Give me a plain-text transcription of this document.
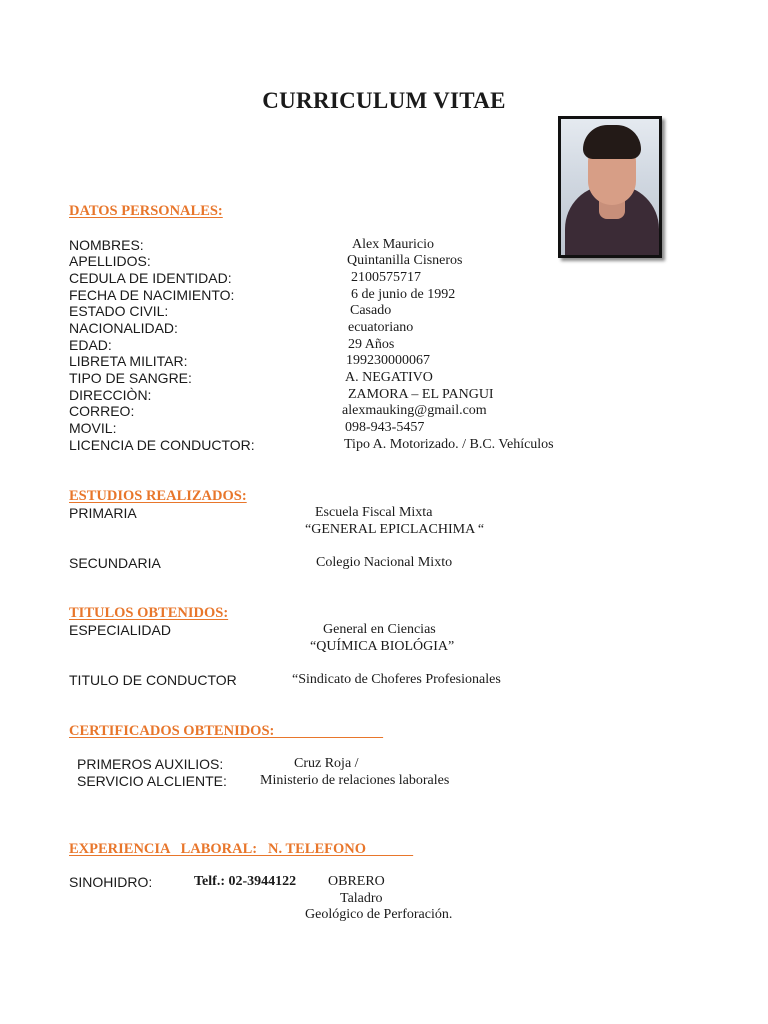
CURRICULUM VITAE
DATOS PERSONALES:
NOMBRES:	Alex Mauricio
APELLIDOS:	Quintanilla Cisneros
CEDULA DE IDENTIDAD:	2100575717
FECHA DE NACIMIENTO:	6 de junio de 1992
ESTADO CIVIL:	Casado
NACIONALIDAD:	ecuatoriano
EDAD:	29 Años
LIBRETA MILITAR:	199230000067
TIPO DE SANGRE:	A. NEGATIVO
DIRECCIÒN:	ZAMORA – EL PANGUI
CORREO:	alexmauking@gmail.com
MOVIL:	098-943-5457
LICENCIA DE CONDUCTOR:	Tipo A. Motorizado. / B.C. Vehículos
ESTUDIOS REALIZADOS:
PRIMARIA	Escuela Fiscal Mixta
“GENERAL EPICLACHIMA “
SECUNDARIA	Colegio Nacional Mixto
TITULOS OBTENIDOS:
ESPECIALIDAD	General en Ciencias
“QUÍMICA BIOLÓGIA”
TITULO DE CONDUCTOR	“Sindicato de Choferes Profesionales
CERTIFICADOS OBTENIDOS:
PRIMEROS AUXILIOS:	Cruz Roja /
SERVICIO ALCLIENTE: Ministerio de relaciones laborales
EXPERIENCIA   LABORAL:   N. TELEFONO
SINOHIDRO:	Telf.: 02-3944122 OBRERO
Taladro
Geológico de Perforación.
